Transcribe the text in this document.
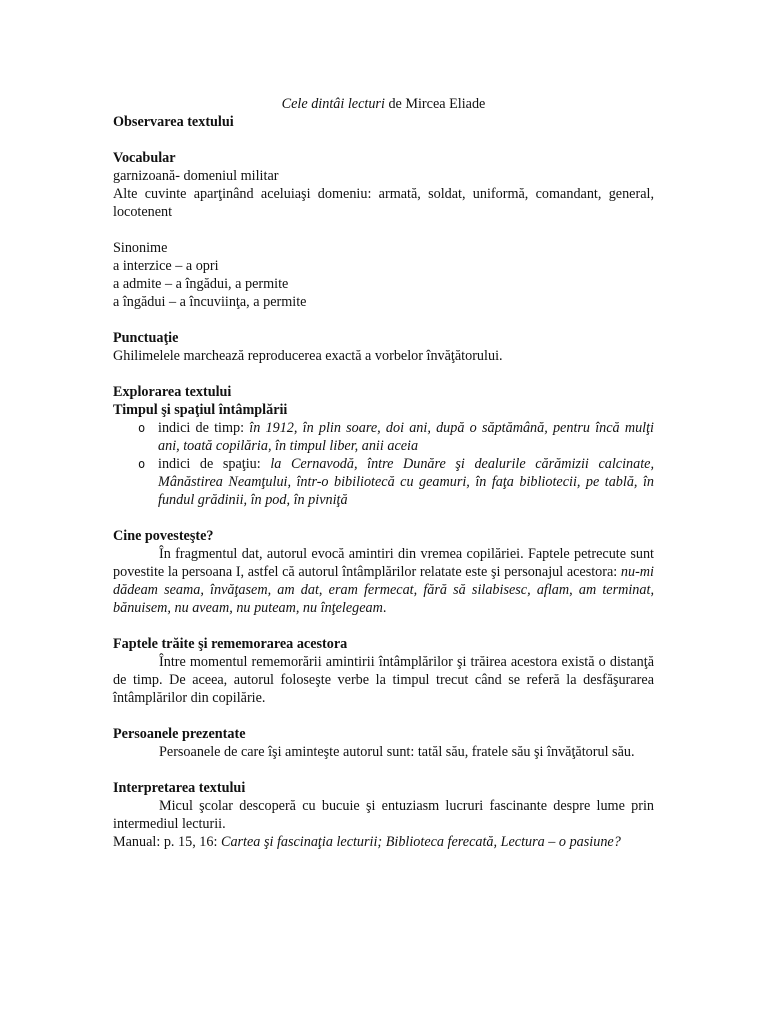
Cele dintâi lecturi de Mircea Eliade

Observarea textului

Vocabular

garnizoană- domeniul militar

Alte cuvinte aparţinând aceluiaşi domeniu: armată, soldat, uniformă, comandant, general, locotenent

Sinonime

a interzice – a opri

a admite – a îngădui, a permite

a îngădui – a încuviinţa, a permite

Punctuaţie

Ghilimelele marchează reproducerea exactă a vorbelor învăţătorului.

Explorarea textului

Timpul şi spaţiul întâmplării

o indici de timp: în 1912, în plin soare, doi ani, după o săptămână, pentru încă mulţi ani, toată copilăria, în timpul liber, anii aceia
o indici de spaţiu: la Cernavodă, între Dunăre şi dealurile cărămizii calcinate, Mânăstirea Neamţului, într-o bibiliotecă cu geamuri, în faţa bibliotecii, pe tablă, în fundul grădinii, în pod, în pivniţă

Cine povesteşte?

În fragmentul dat, autorul evocă amintiri din vremea copilăriei. Faptele petrecute sunt povestite la persoana I, astfel că autorul întâmplărilor relatate este şi personajul acestora: nu-mi dădeam seama, învăţasem, am dat, eram fermecat, fără să silabisesc, aflam, am terminat, bănuisem, nu aveam, nu puteam, nu înţelegeam.

Faptele trăite şi rememorarea acestora

Între momentul rememorării amintirii întâmplărilor şi trăirea acestora există o distanţă de timp. De aceea, autorul foloseşte verbe la timpul trecut când se referă la desfăşurarea întâmplărilor din copilărie.

Persoanele prezentate

Persoanele de care îşi aminteşte autorul sunt: tatăl său, fratele său şi învăţătorul său.

Interpretarea textului

Micul şcolar descoperă cu bucuie şi entuziasm lucruri fascinante despre lume prin intermediul lecturii.

Manual: p. 15, 16: Cartea şi fascinaţia lecturii; Biblioteca ferecată, Lectura – o pasiune?
